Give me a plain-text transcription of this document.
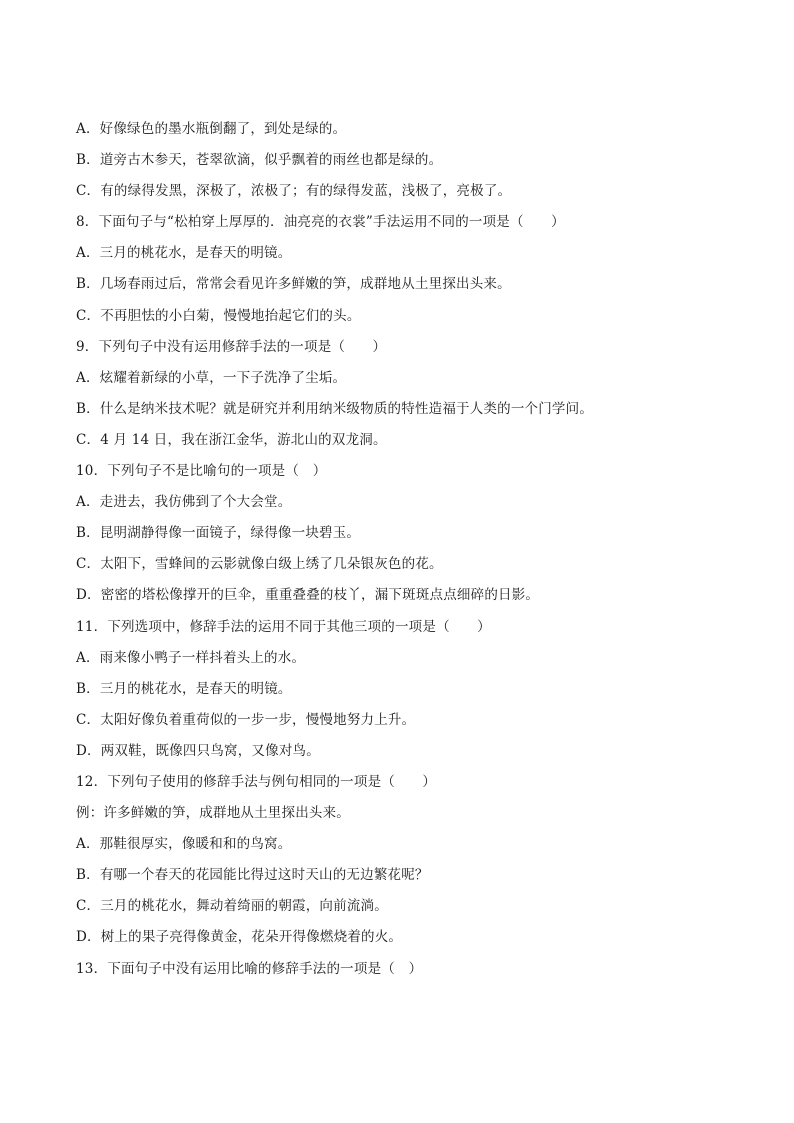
A．好像绿色的墨水瓶倒翻了，到处是绿的。
B．道旁古木参天，苍翠欲滴，似乎飘着的雨丝也都是绿的。
C．有的绿得发黑，深极了，浓极了；有的绿得发蓝，浅极了，亮极了。
8．下面句子与“松柏穿上厚厚的．油亮亮的衣裳”手法运用不同的一项是（　　）
A．三月的桃花水，是春天的明镜。
B．几场春雨过后，常常会看见许多鲜嫩的笋，成群地从土里探出头来。
C．不再胆怯的小白菊，慢慢地抬起它们的头。
9．下列句子中没有运用修辞手法的一项是（　　）
A．炫耀着新绿的小草，一下子洗净了尘垢。
B．什么是纳米技术呢？就是研究并利用纳米级物质的特性造福于人类的一个门学问。
C．4 月 14 日，我在浙江金华，游北山的双龙洞。
10．下列句子不是比喻句的一项是（　）
A．走进去，我仿佛到了个大会堂。
B．昆明湖静得像一面镜子，绿得像一块碧玉。
C．太阳下，雪蜂间的云影就像白级上绣了几朵银灰色的花。
D．密密的塔松像撑开的巨伞，重重叠叠的枝丫，漏下斑斑点点细碎的日影。
11．下列选项中，修辞手法的运用不同于其他三项的一项是（　　）
A．雨来像小鸭子一样抖着头上的水。
B．三月的桃花水，是春天的明镜。
C．太阳好像负着重荷似的一步一步，慢慢地努力上升。
D．两双鞋，既像四只鸟窝，又像对鸟。
12．下列句子使用的修辞手法与例句相同的一项是（　　）
例：许多鲜嫩的笋，成群地从土里探出头来。
A．那鞋很厚实，像暖和和的鸟窝。
B．有哪一个春天的花园能比得过这时天山的无边繁花呢？
C．三月的桃花水，舞动着绮丽的朝霞，向前流淌。
D．树上的果子亮得像黄金，花朵开得像燃烧着的火。
13．下面句子中没有运用比喻的修辞手法的一项是（　）
